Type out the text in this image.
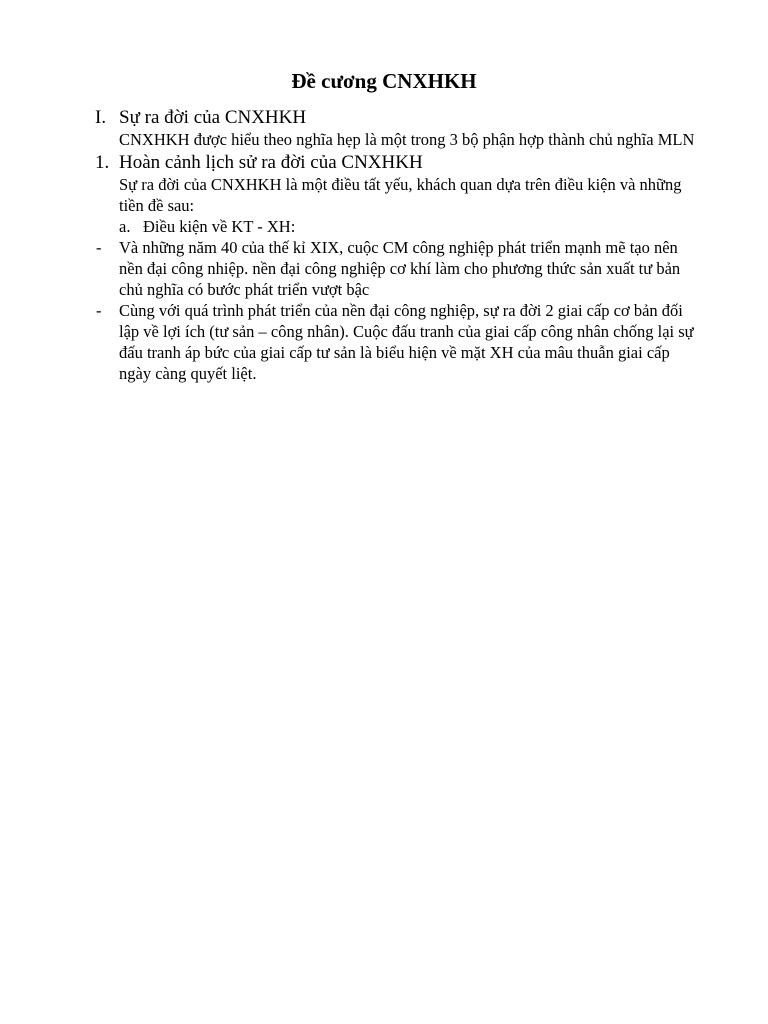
Đề cương CNXHKH
I. Sự ra đời của CNXHKH
CNXHKH được hiểu theo nghĩa hẹp là một trong 3 bộ phận hợp thành chủ nghĩa MLN
1. Hoàn cảnh lịch sử ra đời của CNXHKH
Sự ra đời của CNXHKH là một điều tất yếu, khách quan dựa trên điều kiện và những tiền đề sau:
a. Điều kiện về KT - XH:
- Và những năm 40 của thế kỉ XIX, cuộc CM công nghiệp phát triển mạnh mẽ tạo nên nền đại công nhiệp. nền đại công nghiệp cơ khí làm cho phương thức sản xuất tư bản chủ nghĩa có bước phát triển vượt bậc
- Cùng với quá trình phát triển của nền đại công nghiệp, sự ra đời 2 giai cấp cơ bản đối lập về lợi ích (tư sản – công nhân). Cuộc đấu tranh của giai cấp công nhân chống lại sự đấu tranh áp bức của giai cấp tư sản là biểu hiện về mặt XH của mâu thuẫn giai cấp ngày càng quyết liệt.
